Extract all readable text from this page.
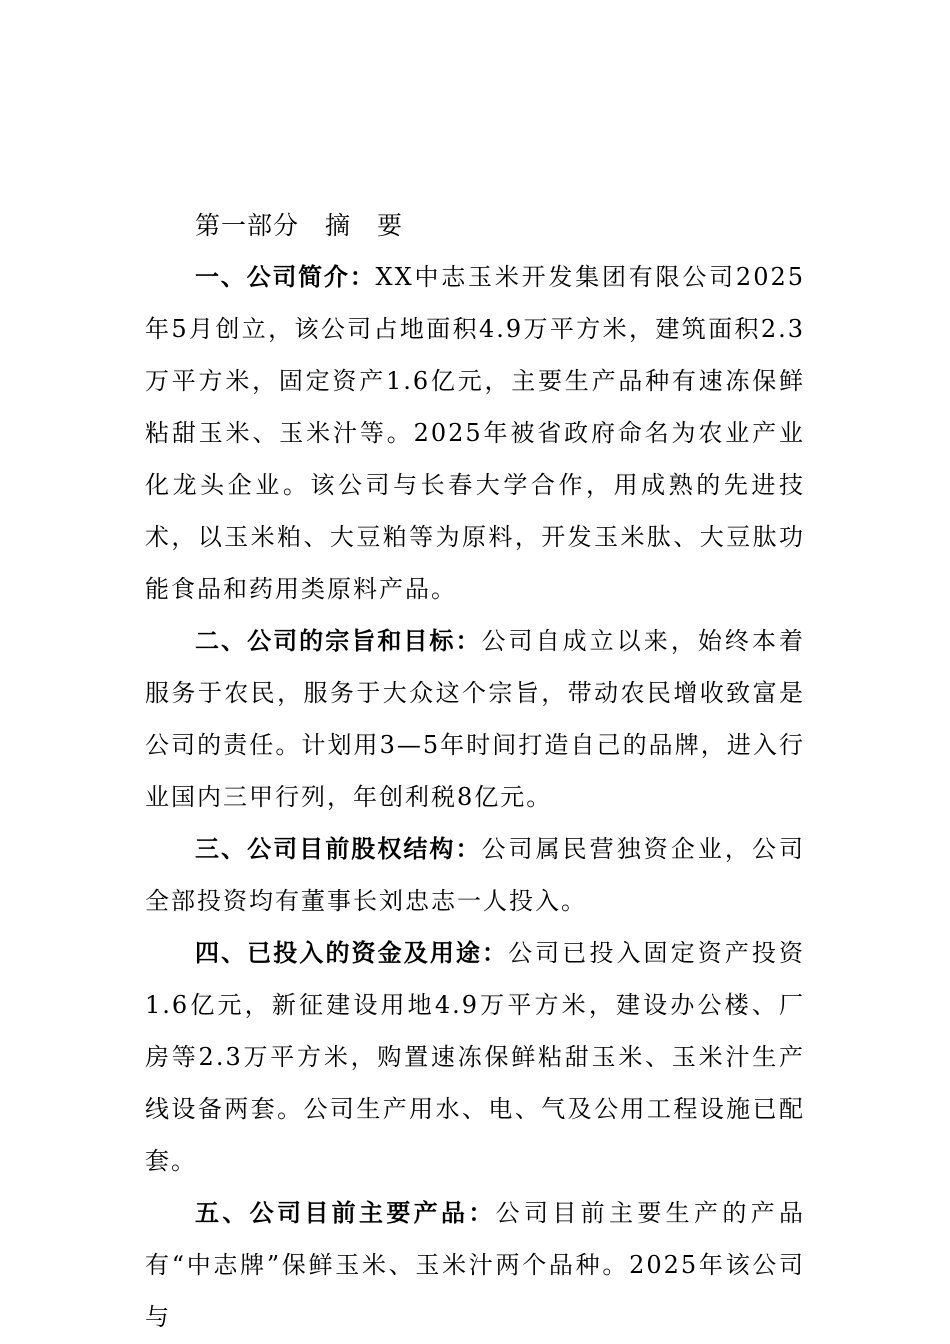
第一部分　摘　要

一、公司简介：XX中志玉米开发集团有限公司2025年5月创立，该公司占地面积4.9万平方米，建筑面积2.3万平方米，固定资产1.6亿元，主要生产品种有速冻保鲜粘甜玉米、玉米汁等。2025年被省政府命名为农业产业化龙头企业。该公司与长春大学合作，用成熟的先进技术，以玉米粕、大豆粕等为原料，开发玉米肽、大豆肽功能食品和药用类原料产品。

二、公司的宗旨和目标：公司自成立以来，始终本着服务于农民，服务于大众这个宗旨，带动农民增收致富是公司的责任。计划用3—5年时间打造自己的品牌，进入行业国内三甲行列，年创利税8亿元。

三、公司目前股权结构：公司属民营独资企业，公司全部投资均有董事长刘忠志一人投入。

四、已投入的资金及用途：公司已投入固定资产投资1.6亿元，新征建设用地4.9万平方米，建设办公楼、厂房等2.3万平方米，购置速冻保鲜粘甜玉米、玉米汁生产线设备两套。公司生产用水、电、气及公用工程设施已配套。

五、公司目前主要产品：公司目前主要生产的产品有“中志牌”保鲜玉米、玉米汁两个品种。2025年该公司与
